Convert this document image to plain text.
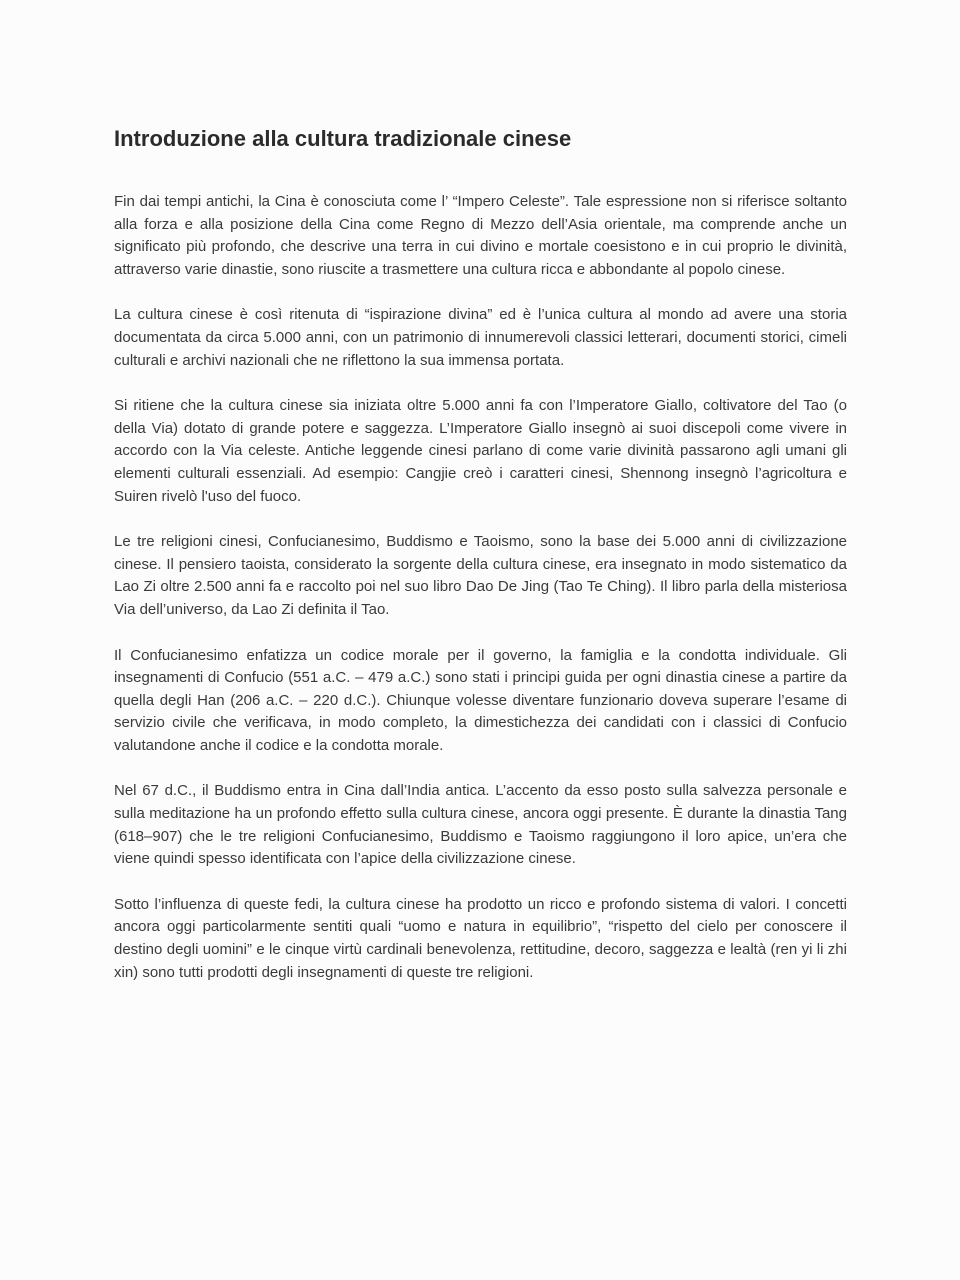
Introduzione alla cultura tradizionale cinese

Fin dai tempi antichi, la Cina è conosciuta come l’ “Impero Celeste”. Tale espressione non si riferisce soltanto alla forza e alla posizione della Cina come Regno di Mezzo dell’Asia orientale, ma comprende anche un significato più profondo, che descrive una terra in cui divino e mortale coesistono e in cui proprio le divinità, attraverso varie dinastie, sono riuscite a trasmettere una cultura ricca e abbondante al popolo cinese.

La cultura cinese è così ritenuta di “ispirazione divina” ed è l’unica cultura al mondo ad avere una storia documentata da circa 5.000 anni, con un patrimonio di innumerevoli classici letterari, documenti storici, cimeli culturali e archivi nazionali che ne riflettono la sua immensa portata.

Si ritiene che la cultura cinese sia iniziata oltre 5.000 anni fa con l’Imperatore Giallo, coltivatore del Tao (o della Via) dotato di grande potere e saggezza. L’Imperatore Giallo insegnò ai suoi discepoli come vivere in accordo con la Via celeste. Antiche leggende cinesi parlano di come varie divinità passarono agli umani gli elementi culturali essenziali. Ad esempio: Cangjie creò i caratteri cinesi, Shennong insegnò l’agricoltura e Suiren rivelò l'uso del fuoco.

Le tre religioni cinesi, Confucianesimo, Buddismo e Taoismo, sono la base dei 5.000 anni di civilizzazione cinese. Il pensiero taoista, considerato la sorgente della cultura cinese, era insegnato in modo sistematico da Lao Zi oltre 2.500 anni fa e raccolto poi nel suo libro Dao De Jing (Tao Te Ching). Il libro parla della misteriosa Via dell’universo, da Lao Zi definita il Tao.

Il Confucianesimo enfatizza un codice morale per il governo, la famiglia e la condotta individuale. Gli insegnamenti di Confucio (551 a.C. – 479 a.C.) sono stati i principi guida per ogni dinastia cinese a partire da quella degli Han (206 a.C. – 220 d.C.). Chiunque volesse diventare funzionario doveva superare l’esame di servizio civile che verificava, in modo completo, la dimestichezza dei candidati con i classici di Confucio valutandone anche il codice e la condotta morale.

Nel 67 d.C., il Buddismo entra in Cina dall’India antica. L’accento da esso posto sulla salvezza personale e sulla meditazione ha un profondo effetto sulla cultura cinese, ancora oggi presente. È durante la dinastia Tang (618–907) che le tre religioni Confucianesimo, Buddismo e Taoismo raggiungono il loro apice, un’era che viene quindi spesso identificata con l’apice della civilizzazione cinese.

Sotto l’influenza di queste fedi, la cultura cinese ha prodotto un ricco e profondo sistema di valori. I concetti ancora oggi particolarmente sentiti quali “uomo e natura in equilibrio”, “rispetto del cielo per conoscere il destino degli uomini” e le cinque virtù cardinali benevolenza, rettitudine, decoro, saggezza e lealtà (ren yi li zhi xin) sono tutti prodotti degli insegnamenti di queste tre religioni.
